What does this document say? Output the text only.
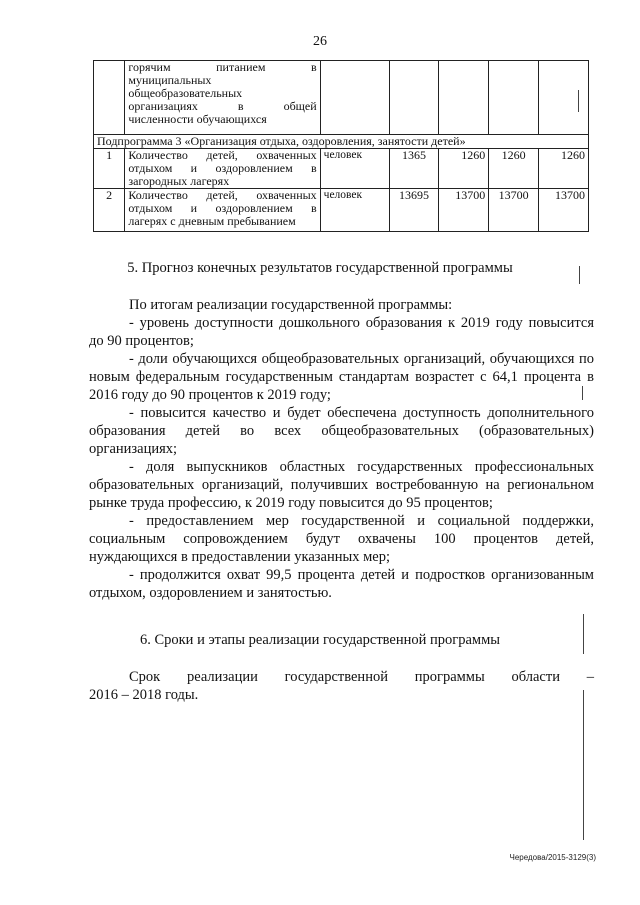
26

	горячим питанием в
муниципальных
общеобразовательных
организациях в общей
численности обучающихся					

Подпрограмма 3 «Организация отдыха, оздоровления, занятости детей»						
1	Количество детей, охваченных
отдыхом и оздоровлением в
загородных лагерях	человек	1365	1260	1260	1260
2	Количество детей, охваченных
отдыхом и оздоровлением в
лагерях с дневным пребыванием	человек	13695	13700	13700	13700
5. Прогноз конечных результатов государственной программы

По итогам реализации государственной программы:

- уровень доступности дошкольного образования к 2019 году повысится до 90 процентов;

- доли обучающихся общеобразовательных организаций, обучающихся по новым федеральным государственным стандартам возрастет с 64,1 процента в 2016 году до 90 процентов к 2019 году;

- повысится качество и будет обеспечена доступность дополнительного образования детей во всех общеобразовательных (образовательных) организациях;

- доля выпускников областных государственных профессиональных образовательных организаций, получивших востребованную на региональном рынке труда профессию, к 2019 году повысится до 95 процентов;

- предоставлением мер государственной и социальной поддержки, социальным сопровождением будут охвачены 100 процентов детей, нуждающихся в предоставлении указанных мер;

- продолжится охват 99,5 процента детей и подростков организованным отдыхом, оздоровлением и занятостью.

6. Сроки и этапы реализации государственной программы

Срок реализации государственной программы области –

2016 – 2018 годы.

Чередова/2015-3129(3)
